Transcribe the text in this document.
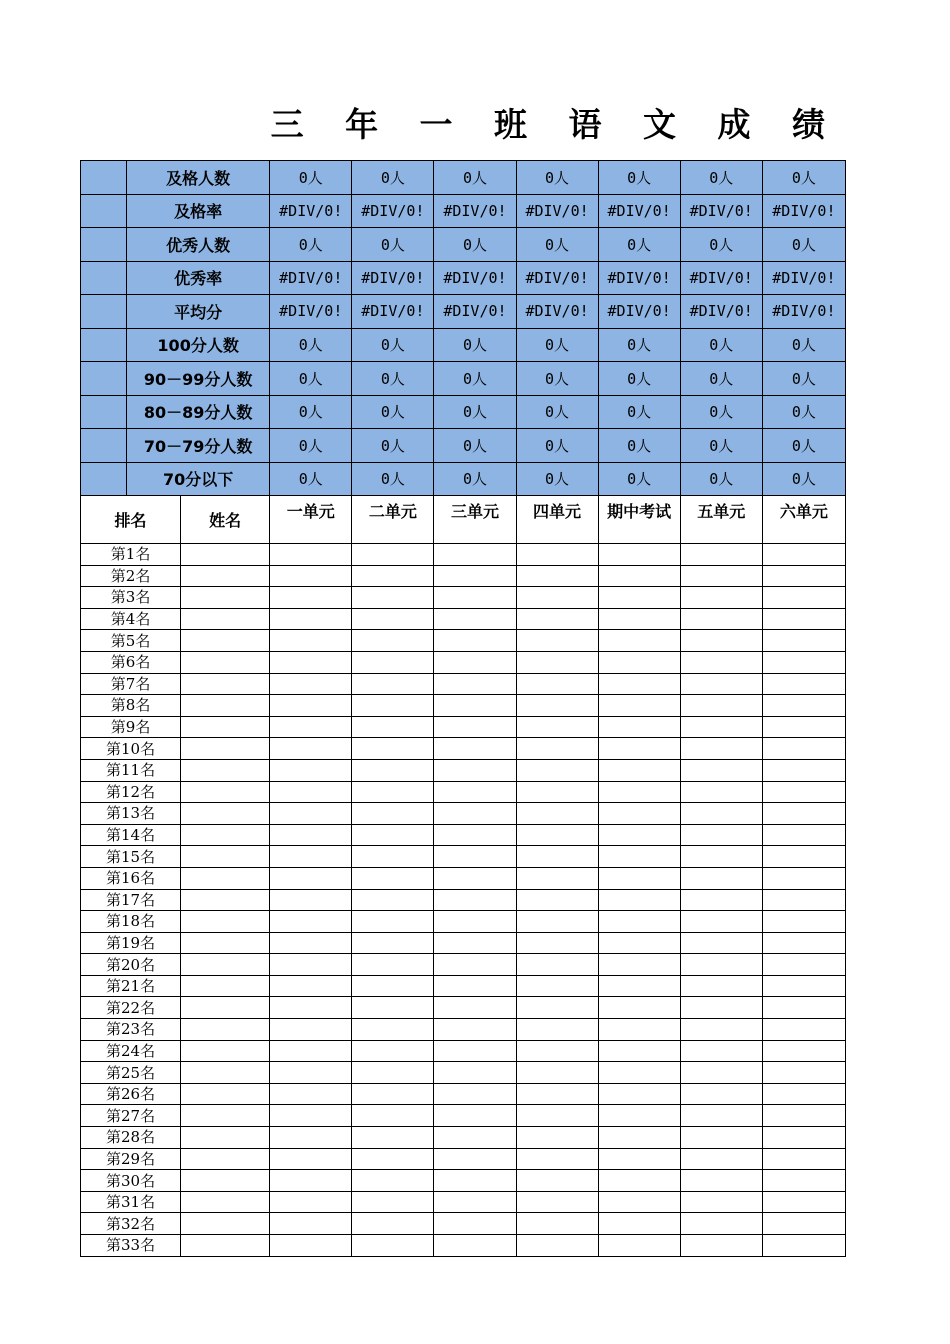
三 年 一 班 语 文 成 绩
	及格人数	0人	0人	0人	0人	0人	0人	0人
	及格率	#DIV/0!	#DIV/0!	#DIV/0!	#DIV/0!	#DIV/0!	#DIV/0!	#DIV/0!
	优秀人数	0人	0人	0人	0人	0人	0人	0人
	优秀率	#DIV/0!	#DIV/0!	#DIV/0!	#DIV/0!	#DIV/0!	#DIV/0!	#DIV/0!
	平均分	#DIV/0!	#DIV/0!	#DIV/0!	#DIV/0!	#DIV/0!	#DIV/0!	#DIV/0!
	100分人数	0人	0人	0人	0人	0人	0人	0人
	90－99分人数	0人	0人	0人	0人	0人	0人	0人
	80－89分人数	0人	0人	0人	0人	0人	0人	0人
	70－79分人数	0人	0人	0人	0人	0人	0人	0人
	70分以下	0人	0人	0人	0人	0人	0人	0人
排名	姓名	一单元	二单元	三单元	四单元	期中考试	五单元	六单元
第1名								
第2名								
第3名								
第4名								
第5名								
第6名								
第7名								
第8名								
第9名								
第10名								
第11名								
第12名								
第13名								
第14名								
第15名								
第16名								
第17名								
第18名								
第19名								
第20名								
第21名								
第22名								
第23名								
第24名								
第25名								
第26名								
第27名								
第28名								
第29名								
第30名								
第31名								
第32名								
第33名								
